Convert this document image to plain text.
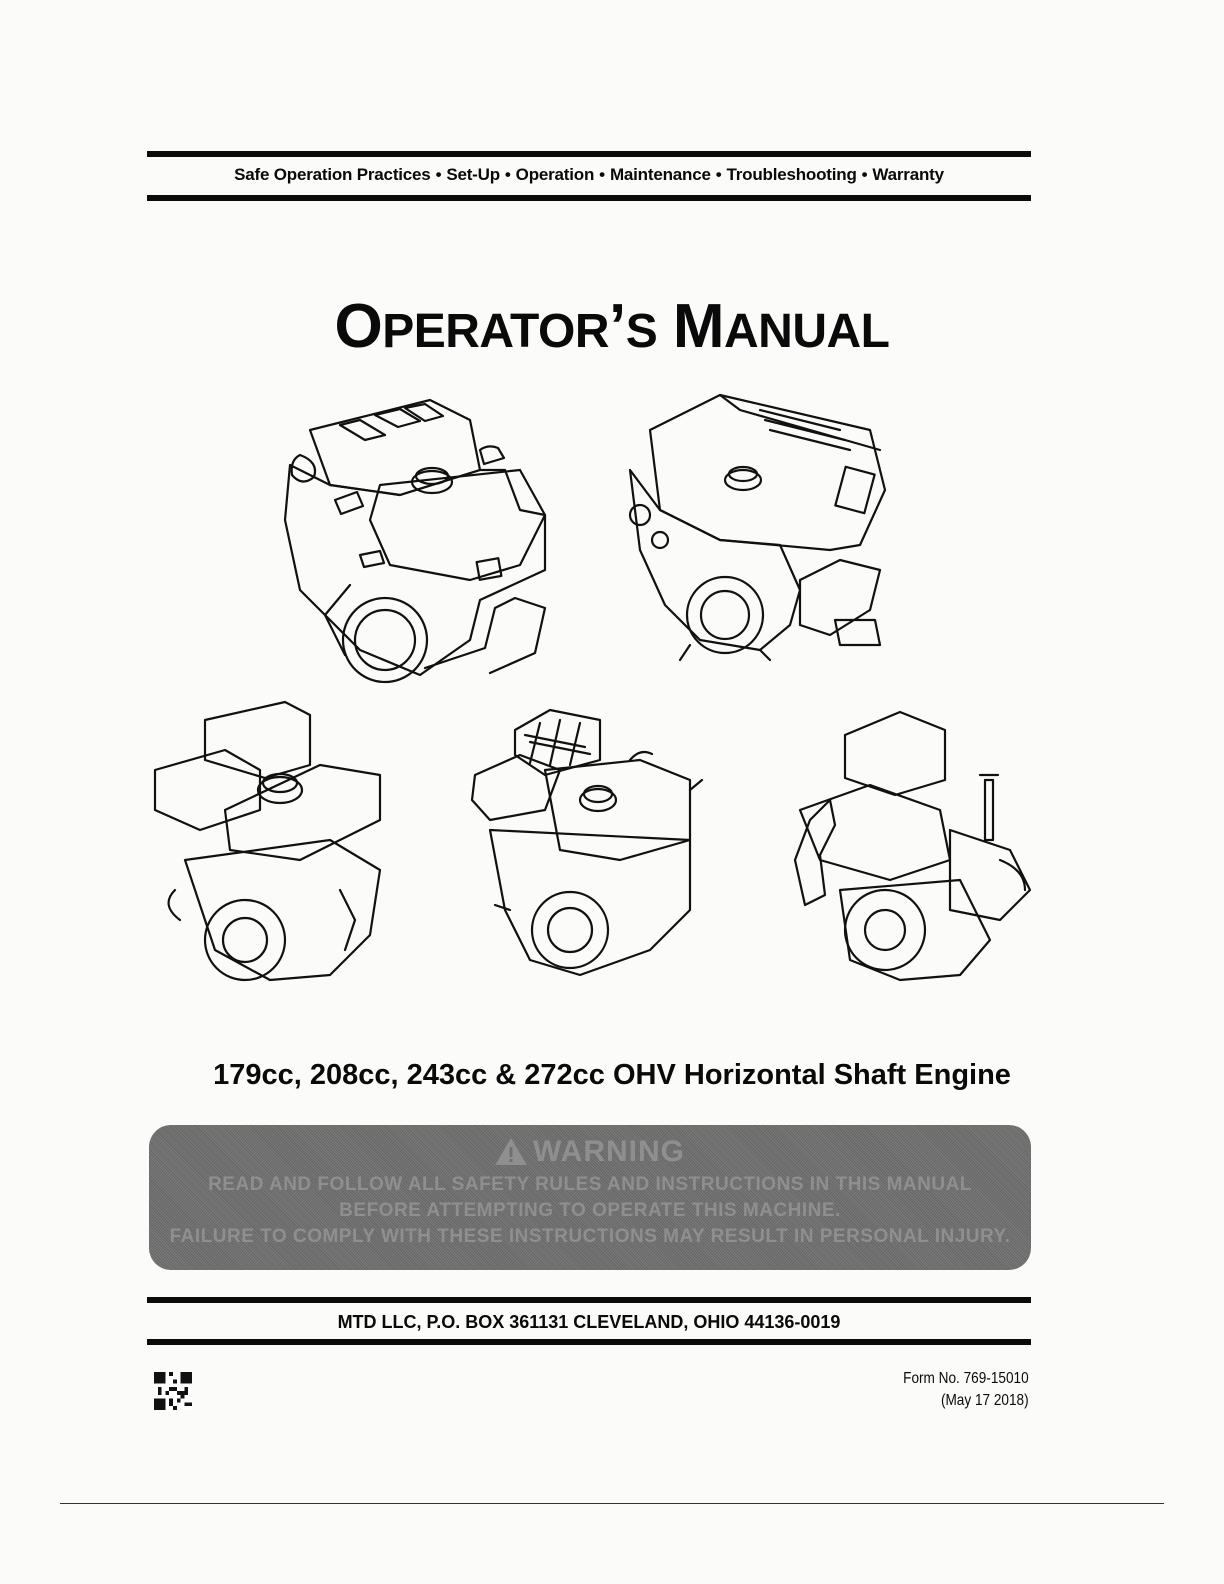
Safe Operation Practices • Set-Up • Operation • Maintenance • Troubleshooting • Warranty
OPERATOR’S MANUAL
179cc, 208cc, 243cc & 272cc OHV Horizontal Shaft Engine
WARNING
READ AND FOLLOW ALL SAFETY RULES AND INSTRUCTIONS IN THIS MANUAL
BEFORE ATTEMPTING TO OPERATE THIS MACHINE.
FAILURE TO COMPLY WITH THESE INSTRUCTIONS MAY RESULT IN PERSONAL INJURY.
MTD LLC, P.O. BOX 361131 CLEVELAND, OHIO 44136-0019
Form No. 769-15010
(May 17 2018)
